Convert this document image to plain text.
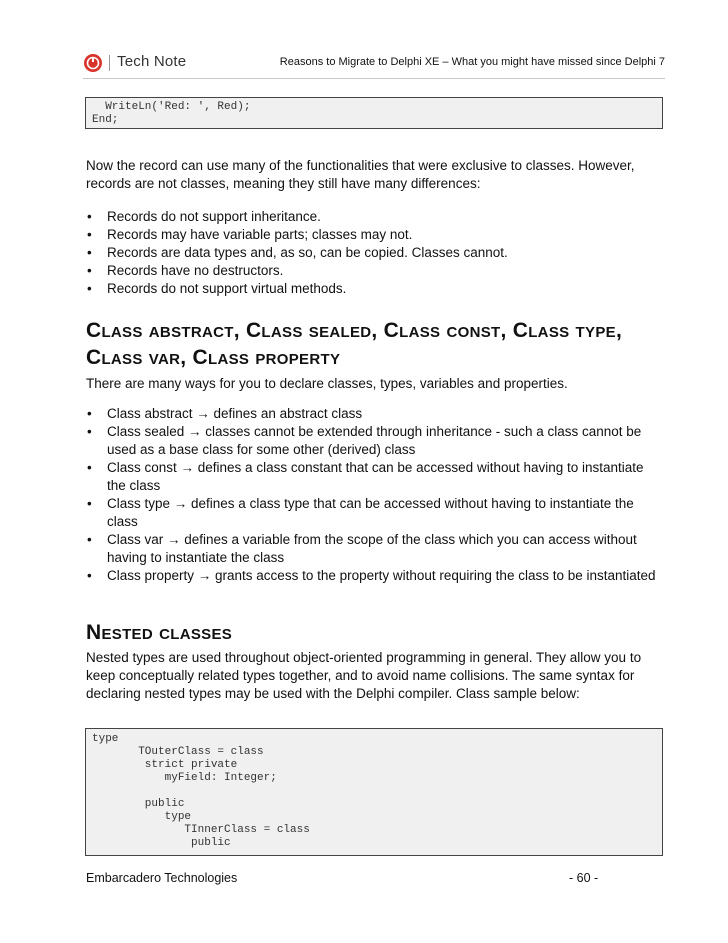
Tech Note	Reasons to Migrate to Delphi XE – What you might have missed since Delphi 7
WriteLn('Red: ', Red);
End;

Now the record can use many of the functionalities that were exclusive to classes. However, records are not classes, meaning they still have many differences:

• Records do not support inheritance.
• Records may have variable parts; classes may not.
• Records are data types and, as so, can be copied. Classes cannot.
• Records have no destructors.
• Records do not support virtual methods.
Class abstract, Class sealed, Class const, Class type,
Class var, Class property

There are many ways for you to declare classes, types, variables and properties.

• Class abstract → defines an abstract class
• Class sealed → classes cannot be extended through inheritance - such a class cannot be used as a base class for some other (derived) class
• Class const → defines a class constant that can be accessed without having to instantiate the class
• Class type → defines a class type that can be accessed without having to instantiate the class
• Class var → defines a variable from the scope of the class which you can access without having to instantiate the class
• Class property → grants access to the property without requiring the class to be instantiated
Nested classes

Nested types are used throughout object-oriented programming in general. They allow you to keep conceptually related types together, and to avoid name collisions. The same syntax for declaring nested types may be used with the Delphi compiler. Class sample below:

type
TOuterClass = class
strict private
myField: Integer;
public
type
TInnerClass = class
public
Embarcadero Technologies	- 60 -
